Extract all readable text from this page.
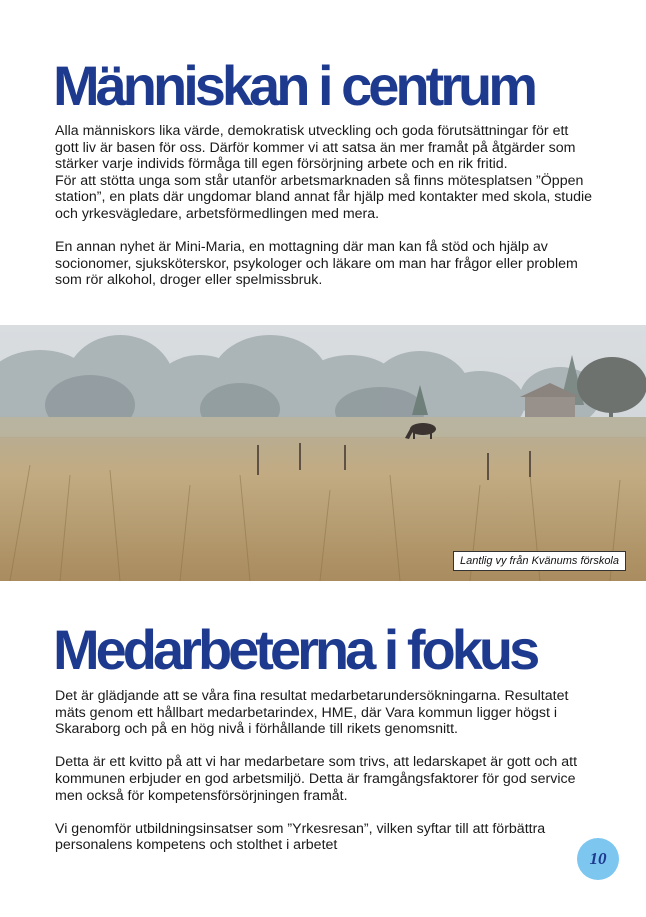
Människan i centrum

Alla människors lika värde, demokratisk utveckling och goda förutsättningar för ett gott liv är basen för oss. Därför kommer vi att satsa än mer framåt på åtgärder som stärker varje individs förmåga till egen försörjning arbete och en rik fritid.

För att stötta unga som står utanför arbetsmarknaden så finns mötesplatsen ”Öppen station”, en plats där ungdomar bland annat får hjälp med kontakter med skola, studie och yrkesvägledare, arbetsförmedlingen med mera.

En annan nyhet är Mini-Maria, en mottagning där man kan få stöd och hjälp av socionomer, sjuksköterskor, psykologer och läkare om man har frågor eller problem som rör alkohol, droger eller spelmissbruk.

Lantlig vy från Kvänums förskola
Medarbeterna i fokus

Det är glädjande att se våra fina resultat medarbetarundersökningarna. Resultatet mäts genom ett hållbart medarbetarindex, HME, där Vara kommun ligger högst i Skaraborg och på en hög nivå i förhållande till rikets genomsnitt.

Detta är ett kvitto på att vi har medarbetare som trivs, att ledarskapet är gott och att kommunen erbjuder en god arbetsmiljö. Detta är framgångsfaktorer för god service men också för kompetensförsörjningen framåt.

Vi genomför utbildningsinsatser som ”Yrkesresan”, vilken syftar till att förbättra personalens kompetens och stolthet i arbetet

10
